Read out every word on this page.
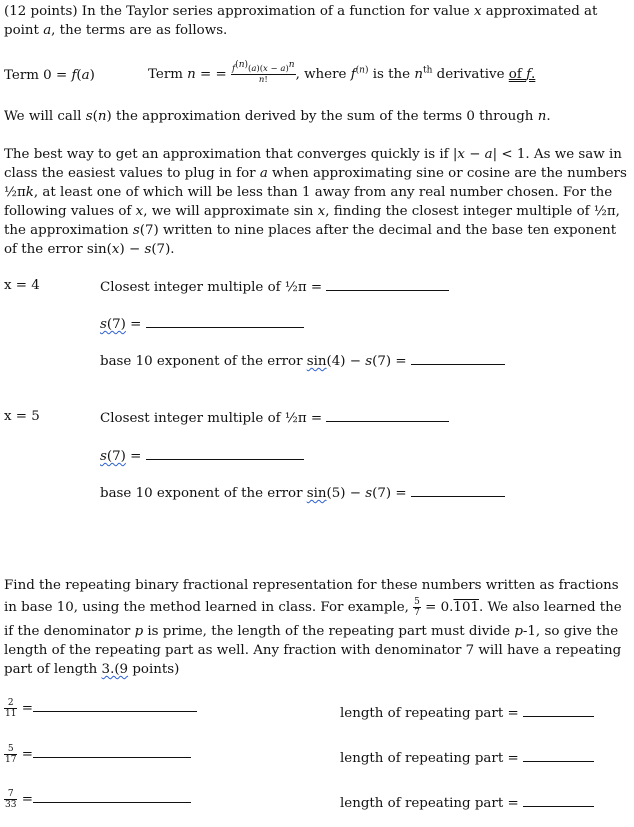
(12 points) In the Taylor series approximation of a function for value x approximated at
point a, the terms are as follows.
Term 0 = f(a)	Term n = = $\frac{f^{(n)}(a)(x - a)^n}{n!}$ , where $f^{(n)}$ is the $n^{th}$ derivative of f.
We will call s(n) the approximation derived by the sum of the terms 0 through n.
The best way to get an approximation that converges quickly is if |x − a| < 1. As we saw in
class the easiest values to plug in for a when approximating sine or cosine are the numbers
½πk, at least one of which will be less than 1 away from any real number chosen. For the
following values of x, we will approximate sin x, finding the closest integer multiple of ½π,
the approximation s(7) written to nine places after the decimal and the base ten exponent
of the error sin(x) − s(7).
x = 4	Closest integer multiple of ½π =
s(7) =
base 10 exponent of the error sin(4) − s(7) =
x = 5	Closest integer multiple of ½π =
s(7) =
base 10 exponent of the error sin(5) − s(7) =
Find the repeating binary fractional representation for these numbers written as fractions
in base 10, using the method learned in class. For example, $\frac{5}{7} = 0.101$. We also learned the
if the denominator p is prime, the length of the repeating part must divide p-1, so give the
length of the repeating part as well. Any fraction with denominator 7 will have a repeating
part of length 3.(9 points)
$\frac{2}{11}$ =	length of repeating part =
$\frac{5}{17}$ =	length of repeating part =
$\frac{7}{33}$ =	length of repeating part =
